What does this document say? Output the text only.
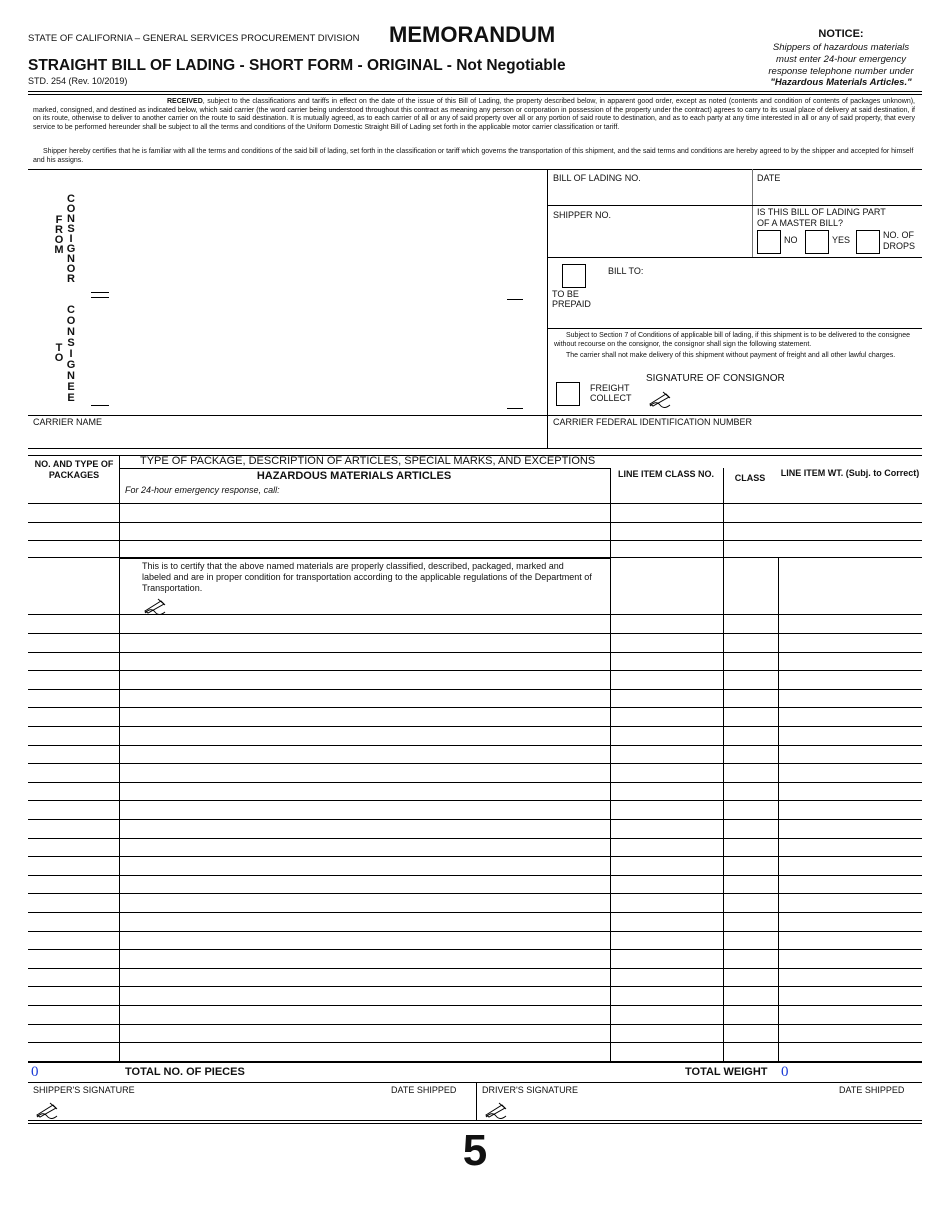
STATE OF CALIFORNIA – GENERAL SERVICES PROCUREMENT DIVISION MEMORANDUM
STRAIGHT BILL OF LADING - SHORT FORM - ORIGINAL - Not Negotiable
STD. 254 (Rev. 10/2019)
NOTICE:
Shippers of hazardous materials must enter 24-hour emergency response telephone number under
"Hazardous Materials Articles."
RECEIVED, subject to the classifications and tariffs in effect on the date of the issue of this Bill of Lading, the property described below, in apparent good order, except as noted (contents and condition of contents of packages unknown), marked, consigned, and destined as indicated below, which said carrier (the word carrier being understood throughout this contract as meaning any person or corporation in possession of the property under the contract) agrees to carry to its usual place of delivery at said destination, if on its route, otherwise to deliver to another carrier on the route to said destination. It is mutually agreed, as to each carrier of all or any of said property over all or any portion of said route to destination, and as to each party at any time interested in all or any of said property, that every service to be performed hereunder shall be subject to all the terms and conditions of the Uniform Domestic Straight Bill of Lading set forth in the applicable motor carrier classification or tariff.
Shipper hereby certifies that he is familiar with all the terms and conditions of the said bill of lading, set forth in the classification or tariff which governs the transportation of this shipment, and the said terms and conditions are hereby agreed to by the shipper and accepted for himself and his assigns.
FROM CONSIGNOR
TO CONSIGNEE
CARRIER NAME	CARRIER FEDERAL IDENTIFICATION NUMBER
BILL OF LADING NO.	DATE
SHIPPER NO.	IS THIS BILL OF LADING PART OF A MASTER BILL?
NO	YES	NO. OF DROPS
BILL TO:
TO BE PREPAID
Subject to Section 7 of Conditions of applicable bill of lading, if this shipment is to be delivered to the consignee without recourse on the consignor, the consignor shall sign the following statement.
The carrier shall not make delivery of this shipment without payment of freight and all other lawful charges.
SIGNATURE OF CONSIGNOR
FREIGHT COLLECT
NO. AND TYPE OF PACKAGES
TYPE OF PACKAGE, DESCRIPTION OF ARTICLES, SPECIAL MARKS, AND EXCEPTIONS
HAZARDOUS MATERIALS ARTICLES
For 24-hour emergency response, call:
LINE ITEM CLASS NO.	CLASS	LINE ITEM WT. (Subj. to Correct)
This is to certify that the above named materials are properly classified, described, packaged, marked and labeled and are in proper condition for transportation according to the applicable regulations of the Department of Transportation.
0	TOTAL NO. OF PIECES	TOTAL WEIGHT 0
SHIPPER'S SIGNATURE	DATE SHIPPED	DRIVER'S SIGNATURE	DATE SHIPPED
5
